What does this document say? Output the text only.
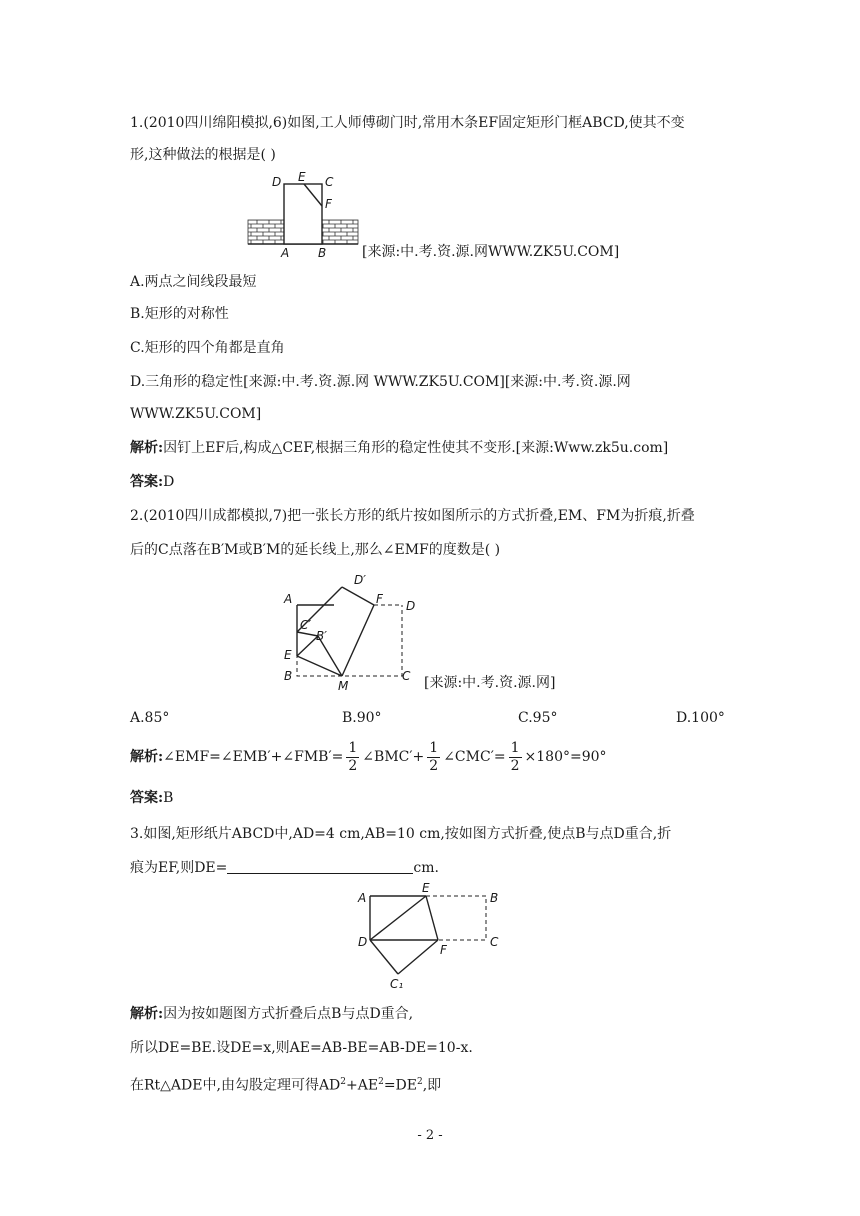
1.(2010四川绵阳模拟,6)如图,工人师傅砌门时,常用木条EF固定矩形门框ABCD,使其不变
形,这种做法的根据是( )
D E C
F
A B	[来源:中.考.资.源.网WWW.ZK5U.COM]
A.两点之间线段最短
B.矩形的对称性
C.矩形的四个角都是直角
D.三角形的稳定性[来源:中.考.资.源.网 WWW.ZK5U.COM][来源:中.考.资.源.网
WWW.ZK5U.COM]
解析:因钉上EF后,构成△CEF,根据三角形的稳定性使其不变形.[来源:Www.zk5u.com]
答案:D
2.(2010四川成都模拟,7)把一张长方形的纸片按如图所示的方式折叠,EM、FM为折痕,折叠
后的C点落在B′M或B′M的延长线上,那么∠EMF的度数是( )
D′
A	F D
C′
B′
E
B
M
C [来源:中.考.资.源.网]
A.85°	B.90°	C.95°	D.100°
解析:∠EMF=∠EMB′+∠FMB′= $\frac{1}{2}$ ∠BMC′+ $\frac{1}{2}$ ∠CMC′= $\frac{1}{2} \times 180^\circ=90^\circ$
答案:B
3.如图,矩形纸片ABCD中,AD=4 cm,AB=10 cm,按如图方式折叠,使点B与点D重合,折
痕为EF,则DE=	cm.
A
E
B
D	C
F
C₁
解析:因为按如题图方式折叠后点B与点D重合,
所以DE=BE.设DE=x,则AE=AB-BE=AB-DE=10-x.
在Rt△ADE中,由勾股定理可得$AD^2+AE^2=DE^2$,即
- 2 -
